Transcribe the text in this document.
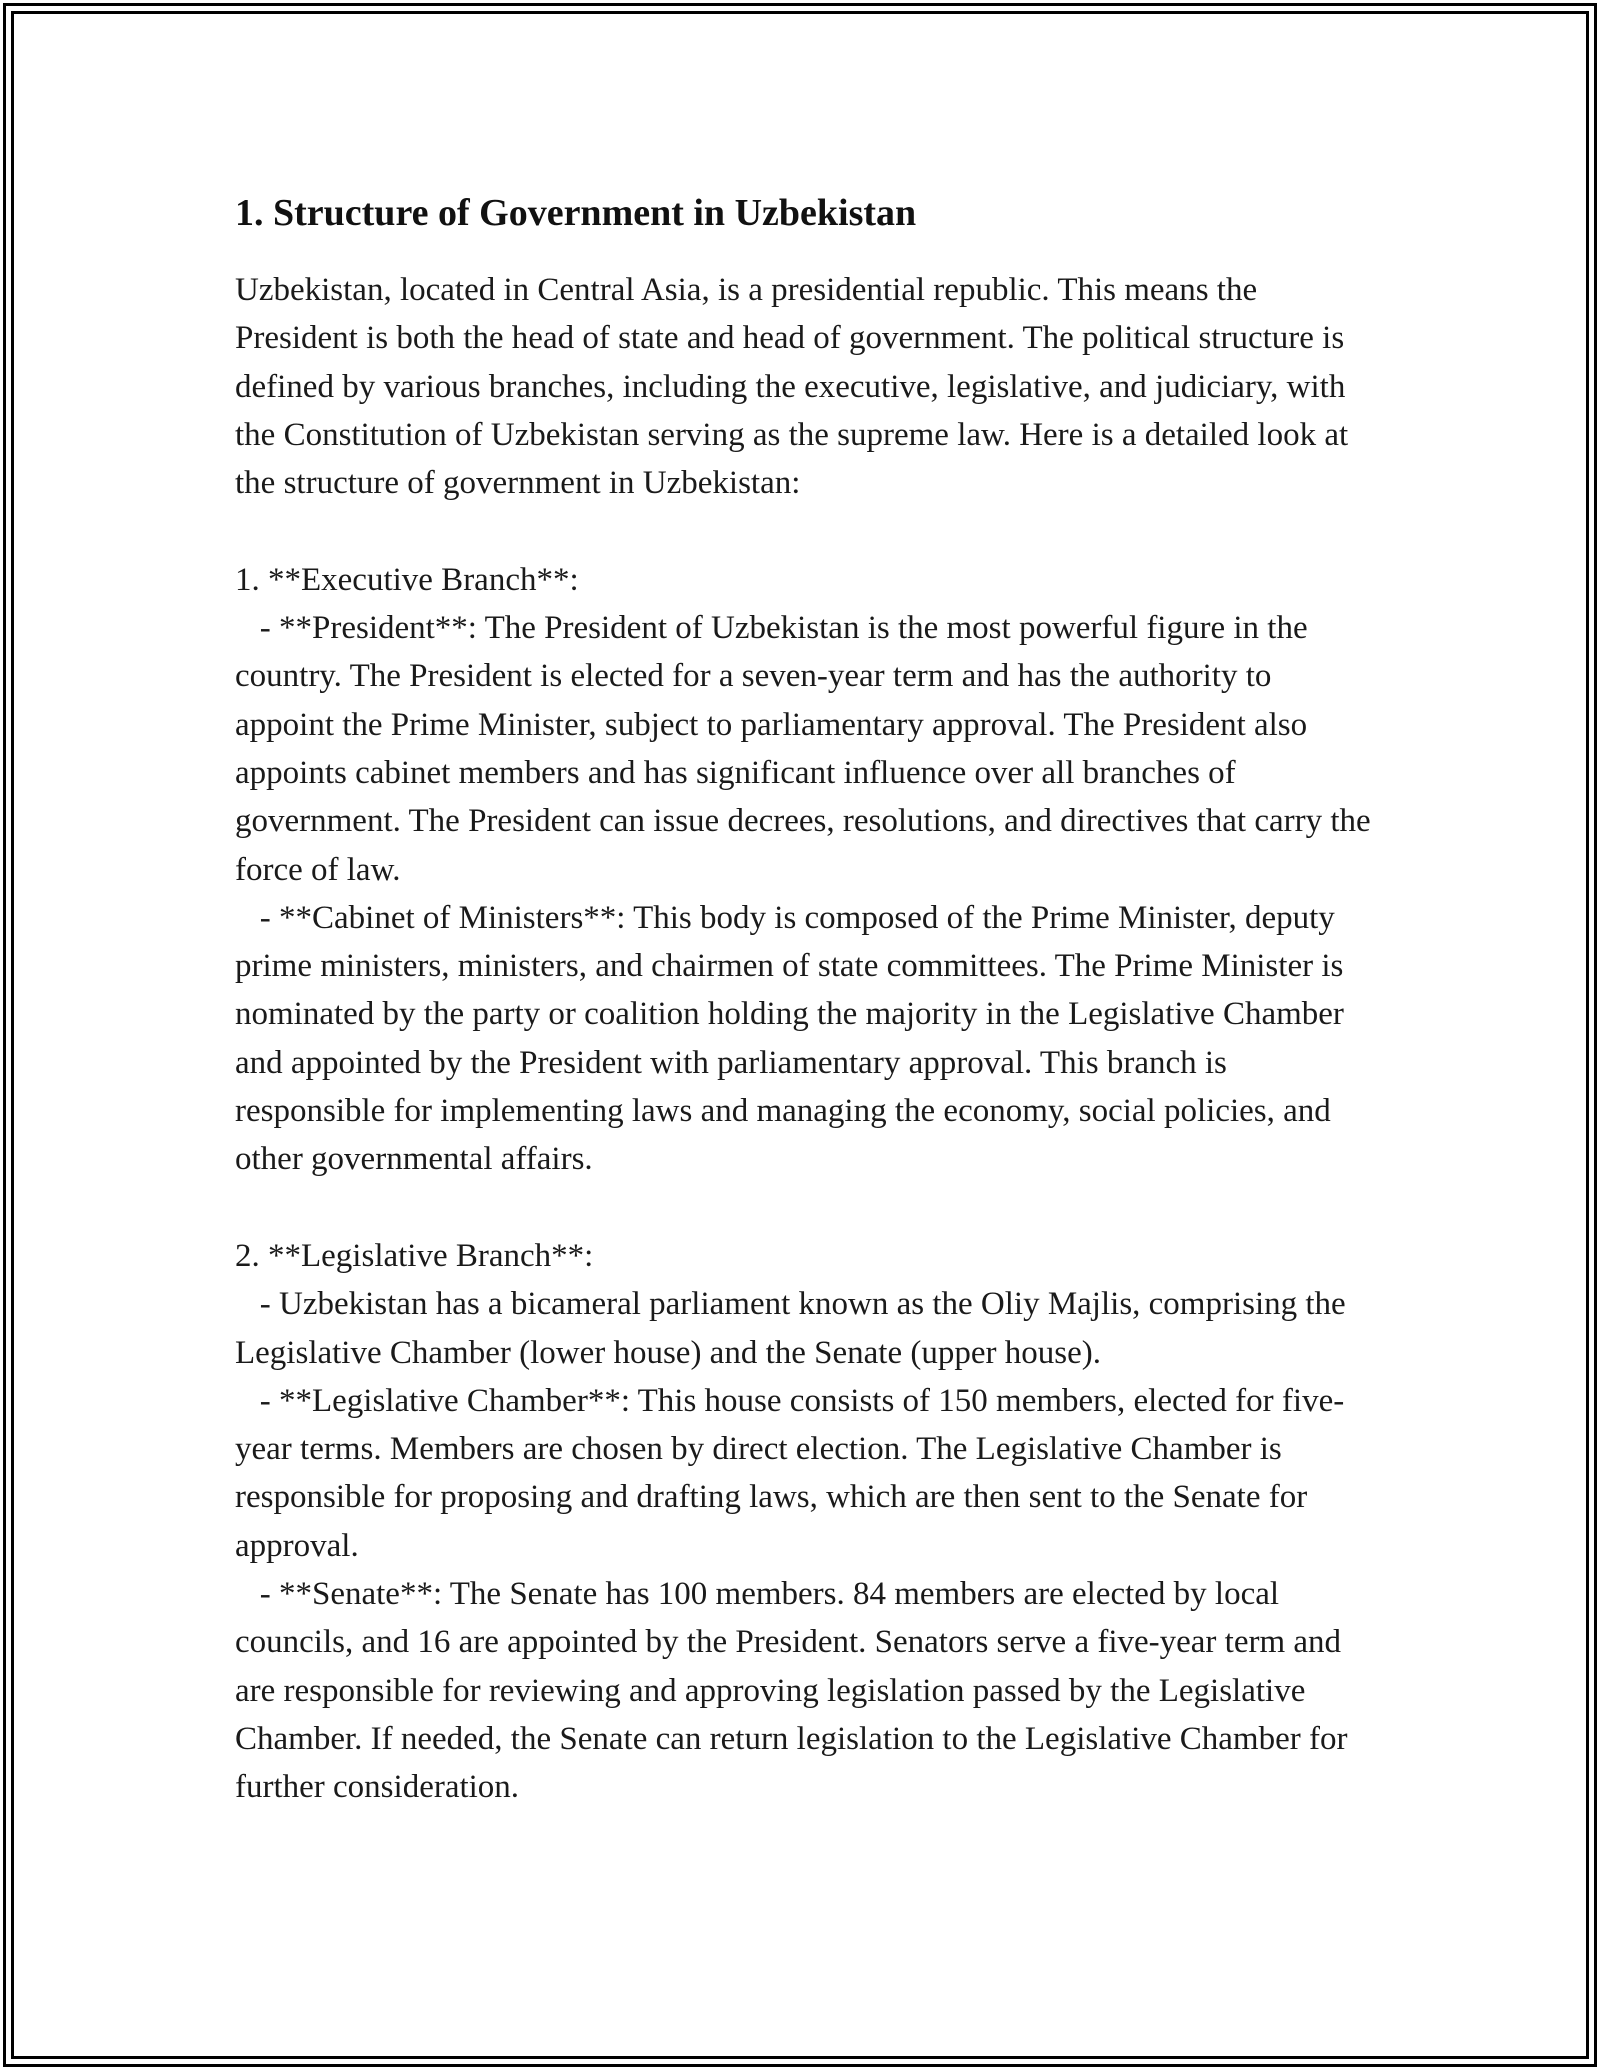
1. Structure of Government in Uzbekistan

Uzbekistan, located in Central Asia, is a presidential republic. This means the President is both the head of state and head of government. The political structure is defined by various branches, including the executive, legislative, and judiciary, with the Constitution of Uzbekistan serving as the supreme law. Here is a detailed look at the structure of government in Uzbekistan:

1. **Executive Branch**:
- **President**: The President of Uzbekistan is the most powerful figure in the country. The President is elected for a seven-year term and has the authority to appoint the Prime Minister, subject to parliamentary approval. The President also appoints cabinet members and has significant influence over all branches of government. The President can issue decrees, resolutions, and directives that carry the force of law.
- **Cabinet of Ministers**: This body is composed of the Prime Minister, deputy prime ministers, ministers, and chairmen of state committees. The Prime Minister is nominated by the party or coalition holding the majority in the Legislative Chamber and appointed by the President with parliamentary approval. This branch is responsible for implementing laws and managing the economy, social policies, and other governmental affairs.

2. **Legislative Branch**:
- Uzbekistan has a bicameral parliament known as the Oliy Majlis, comprising the Legislative Chamber (lower house) and the Senate (upper house).
- **Legislative Chamber**: This house consists of 150 members, elected for five-year terms. Members are chosen by direct election. The Legislative Chamber is responsible for proposing and drafting laws, which are then sent to the Senate for approval.
- **Senate**: The Senate has 100 members. 84 members are elected by local councils, and 16 are appointed by the President. Senators serve a five-year term and are responsible for reviewing and approving legislation passed by the Legislative Chamber. If needed, the Senate can return legislation to the Legislative Chamber for further consideration.
